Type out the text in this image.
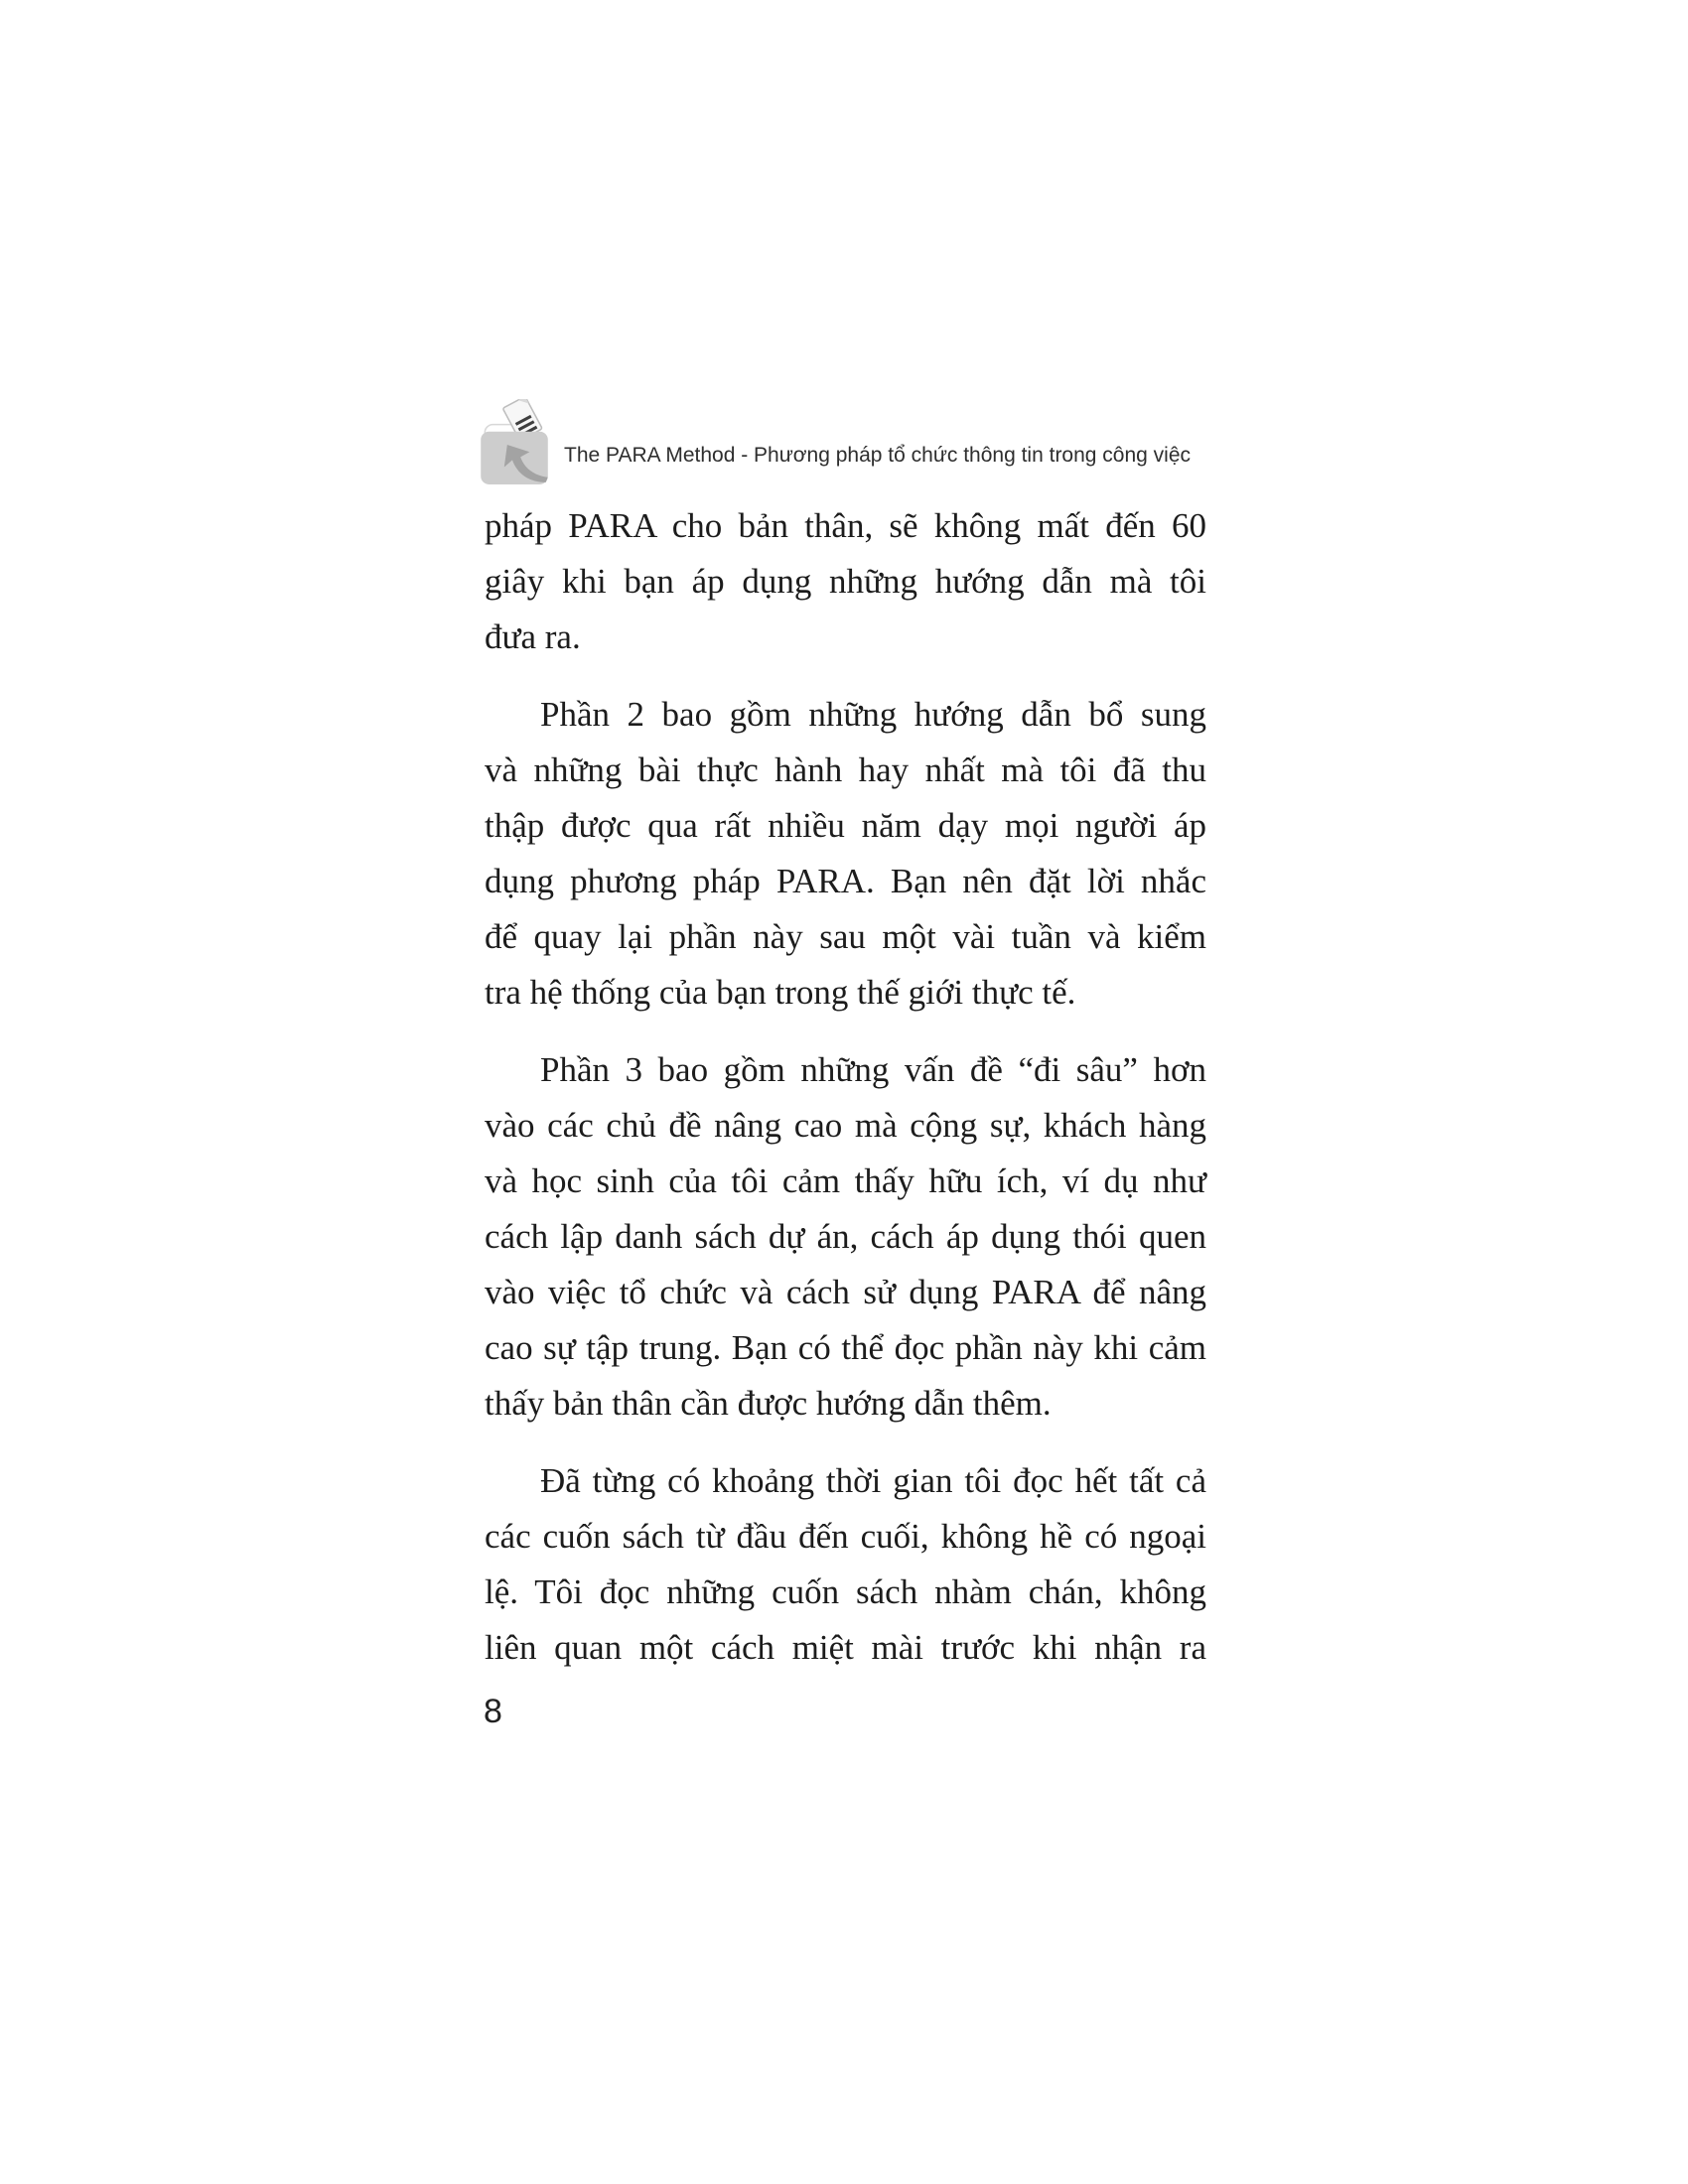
The PARA Method - Phương pháp tổ chức thông tin trong công việc

pháp PARA cho bản thân, sẽ không mất đến 60
giây khi bạn áp dụng những hướng dẫn mà tôi
đưa ra.

Phần 2 bao gồm những hướng dẫn bổ sung
và những bài thực hành hay nhất mà tôi đã thu
thập được qua rất nhiều năm dạy mọi người áp
dụng phương pháp PARA. Bạn nên đặt lời nhắc
để quay lại phần này sau một vài tuần và kiểm
tra hệ thống của bạn trong thế giới thực tế.

Phần 3 bao gồm những vấn đề “đi sâu” hơn
vào các chủ đề nâng cao mà cộng sự, khách hàng
và học sinh của tôi cảm thấy hữu ích, ví dụ như
cách lập danh sách dự án, cách áp dụng thói quen
vào việc tổ chức và cách sử dụng PARA để nâng
cao sự tập trung. Bạn có thể đọc phần này khi cảm
thấy bản thân cần được hướng dẫn thêm.

Đã từng có khoảng thời gian tôi đọc hết tất cả
các cuốn sách từ đầu đến cuối, không hề có ngoại
lệ. Tôi đọc những cuốn sách nhàm chán, không
liên quan một cách miệt mài trước khi nhận ra

8
